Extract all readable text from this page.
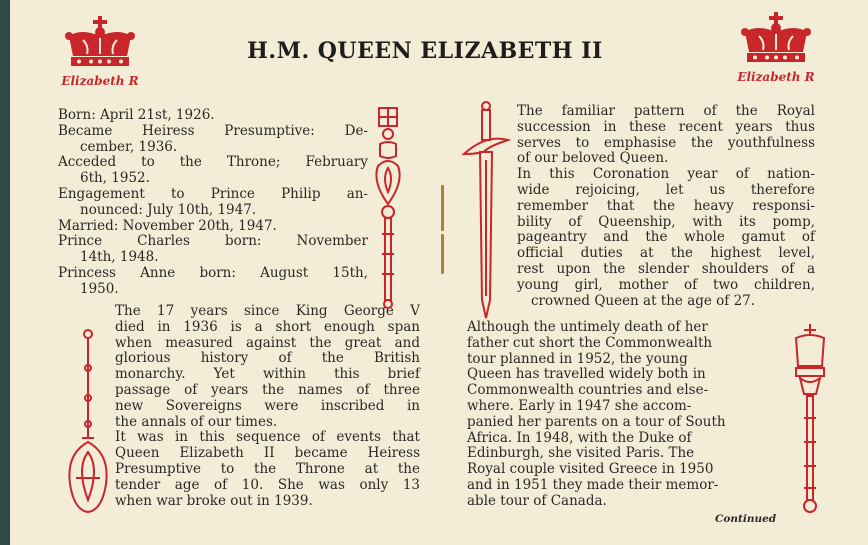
Elizabeth R	Elizabeth R
H.M. QUEEN ELIZABETH II
Born: April 21st, 1926.
Became Heiress Presumptive: De-
cember, 1936.
Acceded to the Throne; February
6th, 1952.
Engagement to Prince Philip an-
nounced: July 10th, 1947.
Married: November 20th, 1947.
Prince Charles born: November
14th, 1948.
Princess Anne born: August 15th,
1950.
The 17 years since King George V
died in 1936 is a short enough span
when measured against the great and
glorious history of the British
monarchy. Yet within this brief
passage of years the names of three
new Sovereigns were inscribed in
the annals of our times.
It was in this sequence of events that
Queen Elizabeth II became Heiress
Presumptive to the Throne at the
tender age of 10. She was only 13
when war broke out in 1939.
The familiar pattern of the Royal
succession in these recent years thus
serves to emphasise the youthfulness
of our beloved Queen.
In this Coronation year of nation-
wide rejoicing, let us therefore
remember that the heavy responsi-
bility of Queenship, with its pomp,
pageantry and the whole gamut of
official duties at the highest level,
rest upon the slender shoulders of a
young girl, mother of two children,
crowned Queen at the age of 27.
Although the untimely death of her
father cut short the Commonwealth
tour planned in 1952, the young
Queen has travelled widely both in
Commonwealth countries and else-
where. Early in 1947 she accom-
panied her parents on a tour of South
Africa. In 1948, with the Duke of
Edinburgh, she visited Paris. The
Royal couple visited Greece in 1950
and in 1951 they made their memor-
able tour of Canada.
Continued
